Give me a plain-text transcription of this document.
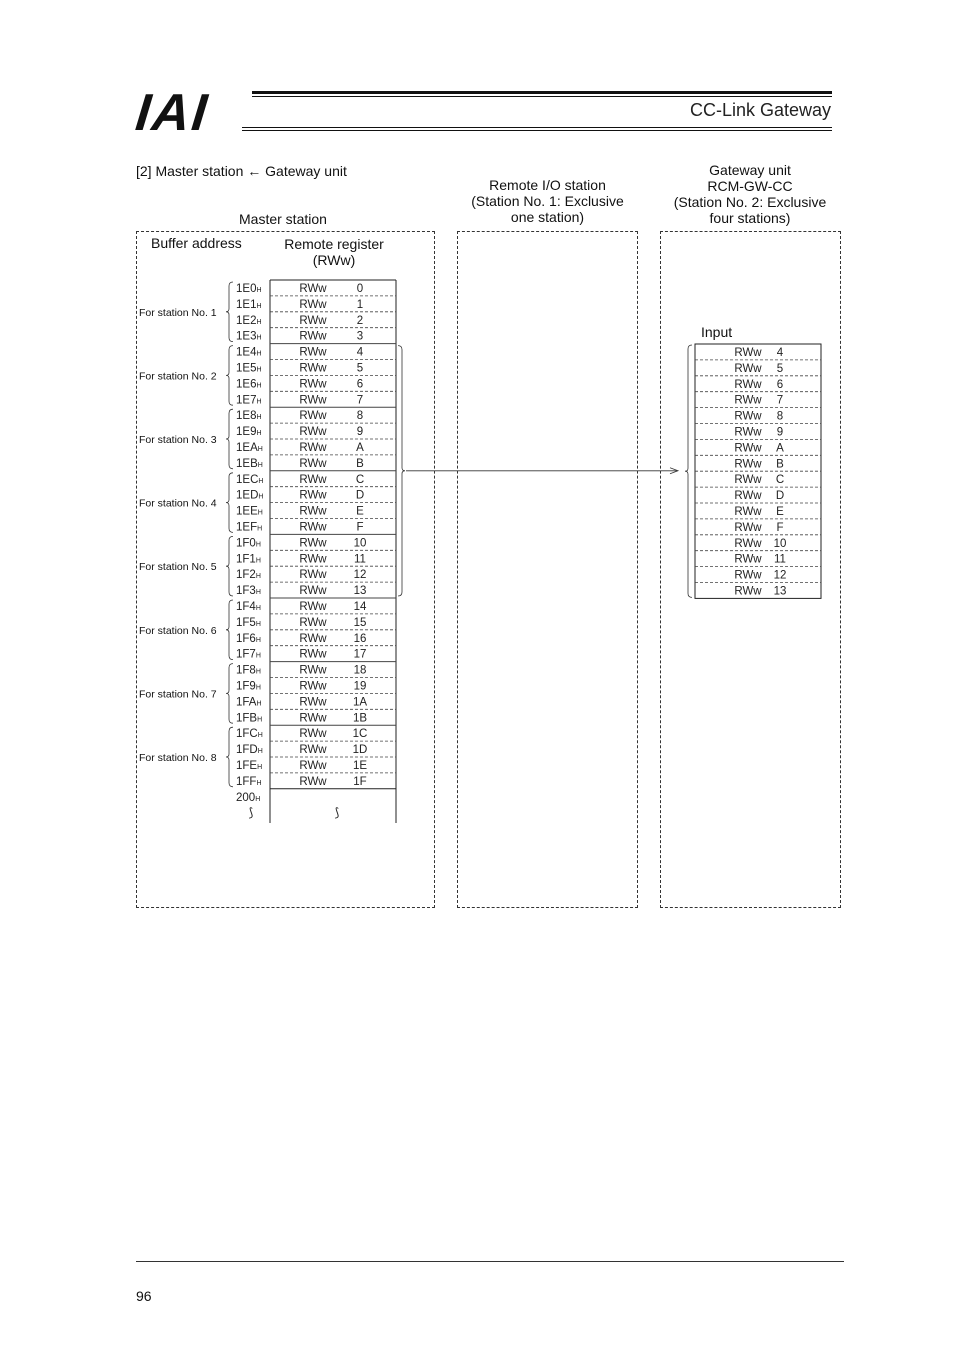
IAI	CC-Link Gateway
[2] Master station ← Gateway unit
Master station
Remote I/O station
(Station No. 1: Exclusive
one station)
Gateway unit
RCM-GW-CC
(Station No. 2: Exclusive
four stations)
Buffer address	Remote register
(RWw)
Input
1E0H	RWw	0
1E1H	RWw	1
1E2H	RWw	2
1E3H	RWw	3
1E4H	RWw	4
1E5H	RWw	5
1E6H	RWw	6
1E7H	RWw	7
1E8H	RWw	8
1E9H	RWw	9
1EAH	RWw	A
1EBH	RWw	B
1ECH	RWw	C
1EDH	RWw	D
1EEH	RWw	E
1EFH	RWw	F
1F0H	RWw 10
1F1H	RWw 11
1F2H	RWw 12
1F3H	RWw 13
1F4H	RWw 14
1F5H	RWw 15
1F6H	RWw 16
1F7H	RWw 17
1F8H	RWw 18
1F9H	RWw 19
1FAH	RWw 1A
1FBH	RWw 1B
1FCH	RWw 1C
1FDH	RWw 1D
1FEH	RWw 1E
1FFH	RWw 1F
200H
⟆	⟆
For station No. 1
For station No. 2
For station No. 3
For station No. 4
For station No. 5
For station No. 6
For station No. 7
For station No. 8
RWw 4
RWw 5
RWw 6
RWw 7
RWw 8
RWw 9
RWw A
RWw B
RWw C
RWw D
RWw E
RWw F
RWw 10
RWw 11
RWw 12
RWw 13
96
